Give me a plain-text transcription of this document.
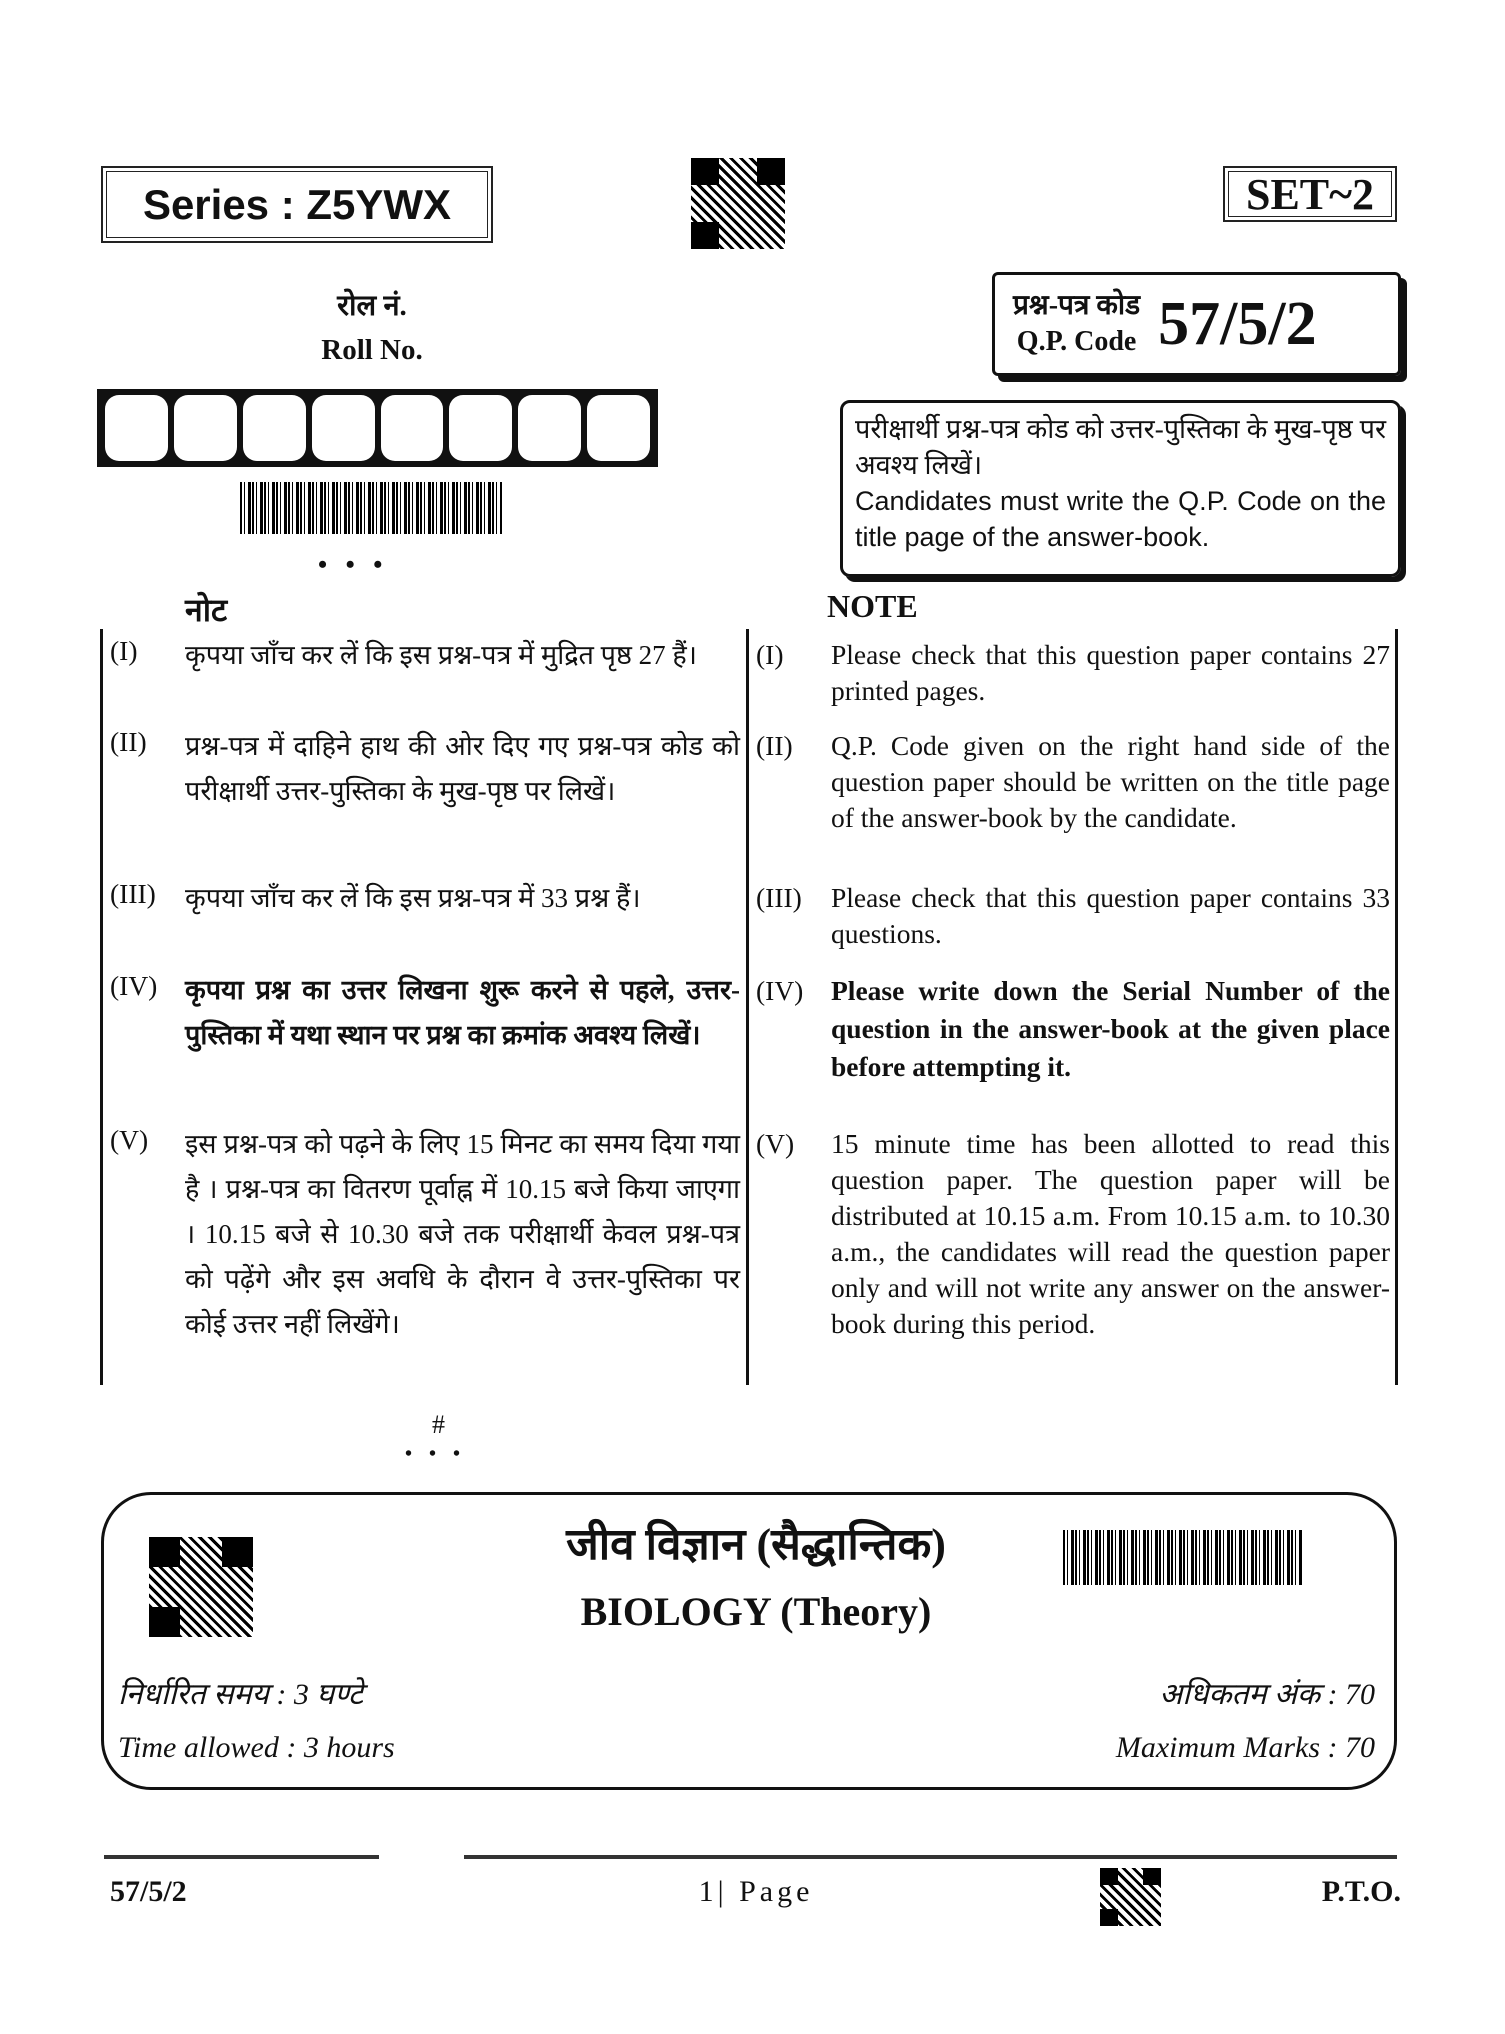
Series : Z5YWX	SET~2
रोल नं.
Roll No.
• • •
प्रश्न-पत्र कोड
Q.P. Code 57/5/2
परीक्षार्थी प्रश्न-पत्र कोड को उत्तर-पुस्तिका के मुख-पृष्ठ पर अवश्य लिखें।
Candidates must write the Q.P. Code on the title page of the answer-book.
नोट	NOTE
(I)	कृपया जाँच कर लें कि इस प्रश्न-पत्र में मुद्रित पृष्ठ 27 हैं।
(II)	प्रश्न-पत्र में दाहिने हाथ की ओर दिए गए प्रश्न-पत्र कोड को परीक्षार्थी उत्तर-पुस्तिका के मुख-पृष्ठ पर लिखें।
(III)	कृपया जाँच कर लें कि इस प्रश्न-पत्र में 33 प्रश्न हैं।
(IV)	कृपया प्रश्न का उत्तर लिखना शुरू करने से पहले, उत्तर-पुस्तिका में यथा स्थान पर प्रश्न का क्रमांक अवश्य लिखें।
(V)	इस प्रश्न-पत्र को पढ़ने के लिए 15 मिनट का समय दिया गया है । प्रश्न-पत्र का वितरण पूर्वाह्न में 10.15 बजे किया जाएगा । 10.15 बजे से 10.30 बजे तक परीक्षार्थी केवल प्रश्न-पत्र को पढ़ेंगे और इस अवधि के दौरान वे उत्तर-पुस्तिका पर कोई उत्तर नहीं लिखेंगे।
(I)	Please check that this question paper contains 27 printed pages.
(II)	Q.P. Code given on the right hand side of the question paper should be written on the title page of the answer-book by the candidate.
(III)	Please check that this question paper contains 33 questions.
(IV)	Please write down the Serial Number of the question in the answer-book at the given place before attempting it.
(V)	15 minute time has been allotted to read this question paper. The question paper will be distributed at 10.15 a.m. From 10.15 a.m. to 10.30 a.m., the candidates will read the question paper only and will not write any answer on the answer-book during this period.
#
• • •
जीव विज्ञान (सैद्धान्तिक)
BIOLOGY (Theory)
निर्धारित समय : 3 घण्टे
Time allowed : 3 hours
अधिकतम अंक : 70
Maximum Marks : 70
57/5/2	1| Page	P.T.O.
